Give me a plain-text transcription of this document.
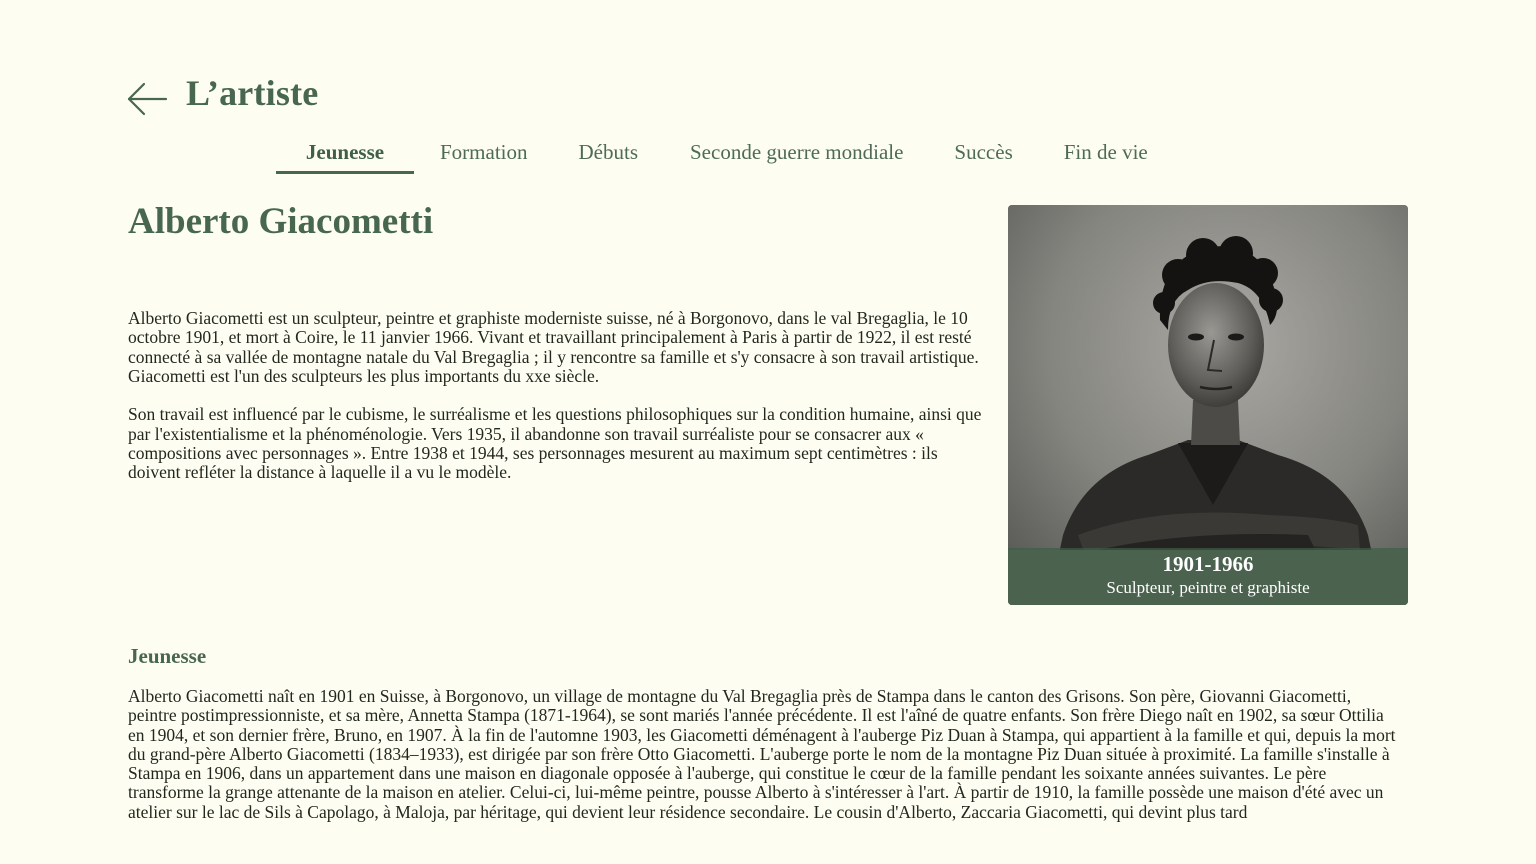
L’artiste
Jeunesse	Formation Débuts Seconde guerre mondiale Succès Fin de vie
Alberto Giacometti

Alberto Giacometti est un sculpteur, peintre et graphiste moderniste suisse, né à Borgonovo, dans le val Bregaglia, le 10 octobre 1901, et mort à Coire, le 11 janvier 1966. Vivant et travaillant principalement à Paris à partir de 1922, il est resté connecté à sa vallée de montagne natale du Val Bregaglia ; il y rencontre sa famille et s'y consacre à son travail artistique.

Giacometti est l'un des sculpteurs les plus importants du xxe siècle.

Son travail est influencé par le cubisme, le surréalisme et les questions philosophiques sur la condition humaine, ainsi que par l'existentialisme et la phénoménologie. Vers 1935, il abandonne son travail surréaliste pour se consacrer aux « compositions avec personnages ». Entre 1938 et 1944, ses personnages mesurent au maximum sept centimètres : ils doivent refléter la distance à laquelle il a vu le modèle.

1901-1966
Sculpteur, peintre et graphiste
Jeunesse

Alberto Giacometti naît en 1901 en Suisse, à Borgonovo, un village de montagne du Val Bregaglia près de Stampa dans le canton des Grisons. Son père, Giovanni Giacometti, peintre postimpressionniste, et sa mère, Annetta Stampa (1871-1964), se sont mariés l'année précédente. Il est l'aîné de quatre enfants. Son frère Diego naît en 1902, sa sœur Ottilia en 1904, et son dernier frère, Bruno, en 1907. À la fin de l'automne 1903, les Giacometti déménagent à l'auberge Piz Duan à Stampa, qui appartient à la famille et qui, depuis la mort du grand-père Alberto Giacometti (1834–1933), est dirigée par son frère Otto Giacometti. L'auberge porte le nom de la montagne Piz Duan située à proximité. La famille s'installe à Stampa en 1906, dans un appartement dans une maison en diagonale opposée à l'auberge, qui constitue le cœur de la famille pendant les soixante années suivantes. Le père transforme la grange attenante de la maison en atelier. Celui-ci, lui-même peintre, pousse Alberto à s'intéresser à l'art. À partir de 1910, la famille possède une maison d'été avec un atelier sur le lac de Sils à Capolago, à Maloja, par héritage, qui devient leur résidence secondaire. Le cousin d'Alberto, Zaccaria Giacometti, qui devint plus tard
